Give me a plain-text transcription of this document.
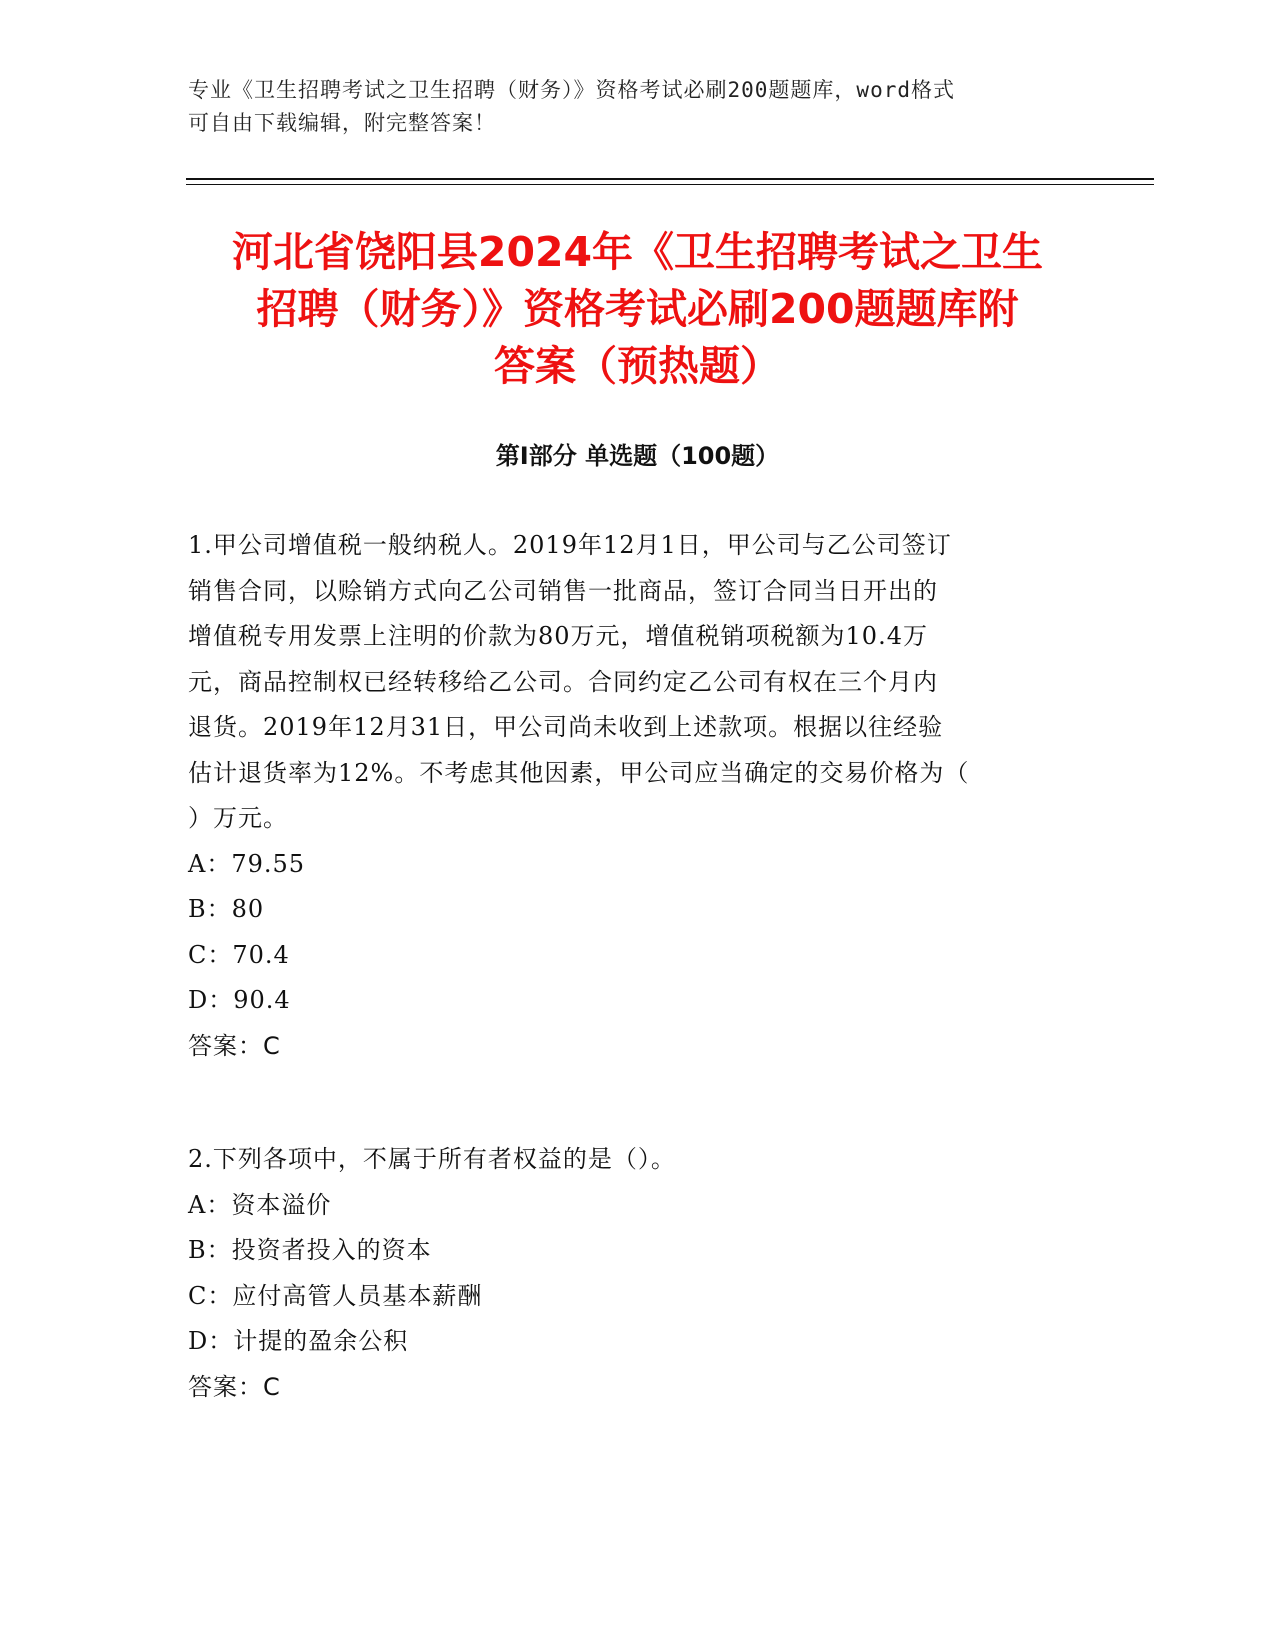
专业《卫生招聘考试之卫生招聘（财务）》资格考试必刷200题题库，word格式
可自由下载编辑，附完整答案！
河北省饶阳县2024年《卫生招聘考试之卫生
招聘（财务）》资格考试必刷200题题库附
答案（预热题）
第Ⅰ部分 单选题（100题）
1.甲公司增值税一般纳税人。2019年12月1日，甲公司与乙公司签订
销售合同，以赊销方式向乙公司销售一批商品，签订合同当日开出的
增值税专用发票上注明的价款为80万元，增值税销项税额为10.4万
元，商品控制权已经转移给乙公司。合同约定乙公司有权在三个月内
退货。2019年12月31日，甲公司尚未收到上述款项。根据以往经验
估计退货率为12%。不考虑其他因素，甲公司应当确定的交易价格为（
）万元。
A：79.55
B：80
C：70.4
D：90.4
答案：C
2.下列各项中，不属于所有者权益的是（）。
A：资本溢价
B：投资者投入的资本
C：应付高管人员基本薪酬
D：计提的盈余公积
答案：C
